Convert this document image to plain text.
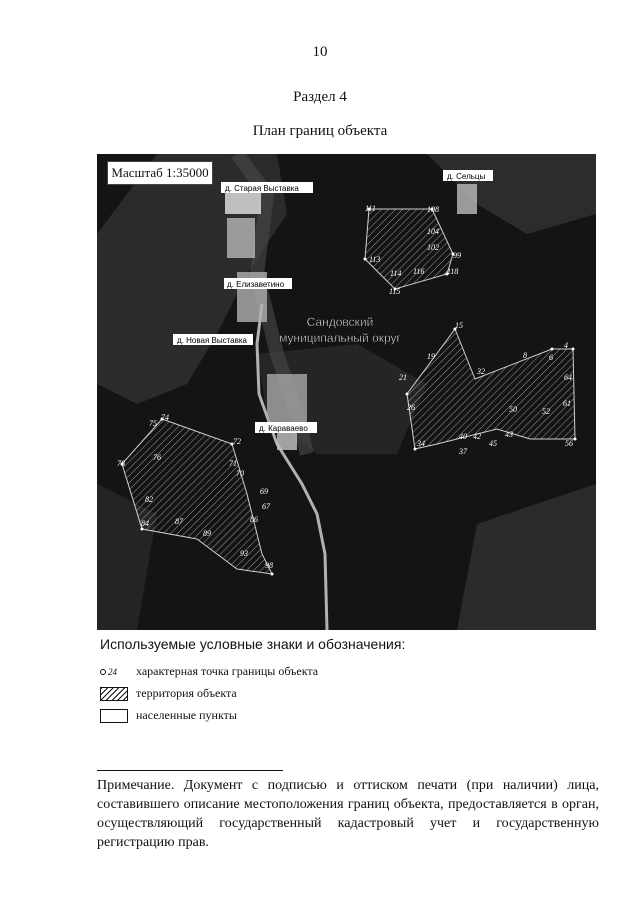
10
Раздел 4
План границ объекта
д. Старая Выставка
д. Сельцы
д. Елизаветино
д. Новая Выставка
д. Караваево
Сандовский
муниципальный округ
108
111
104
102
113
114 116
99
118
115
15
19
4
6
8
21
32
64
26	50	52
61
40 42
34
37
43
45	56
74
75
72
76
71
78
70
69
82
67
84	87	86
89
93
98
Масштаб 1:35000
Используемые условные знаки и обозначения:
24 характерная точка границы объекта
территория объекта
населенные пункты
Примечание. Документ с подписью и оттиском печати (при наличии) лица, составившего описание местоположения границ объекта, предоставляется в орган, осуществляющий государственный кадастровый учет и государственную регистрацию прав.
